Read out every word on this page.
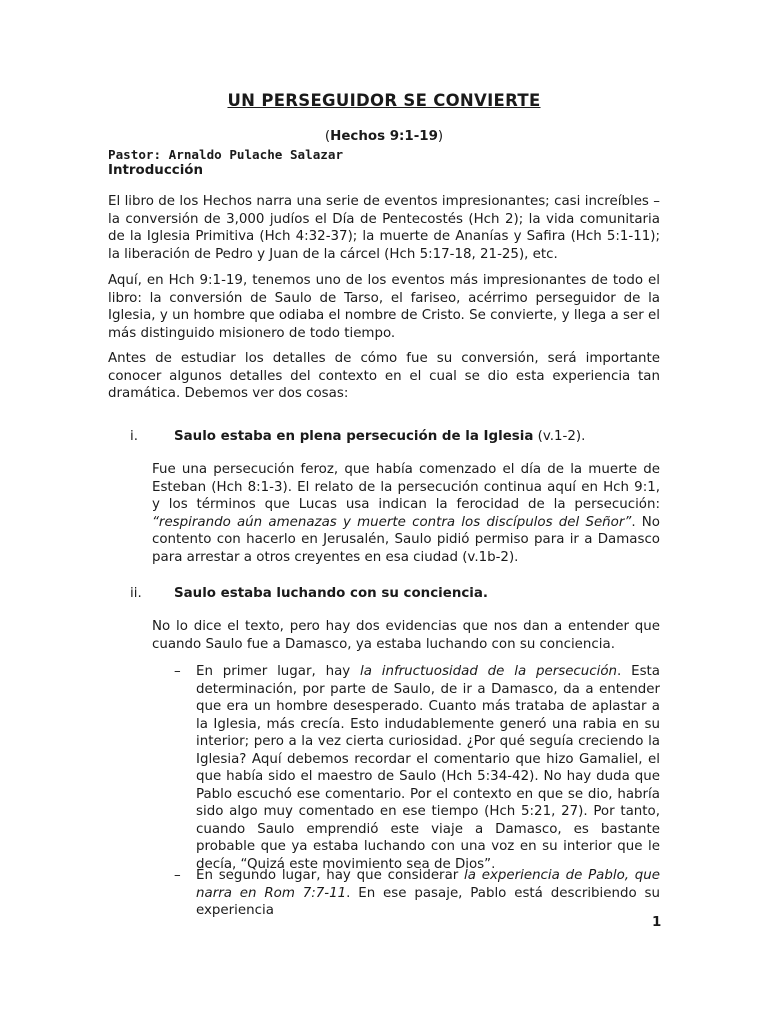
UN PERSEGUIDOR SE CONVIERTE
(Hechos 9:1-19)
Pastor: Arnaldo Pulache Salazar
Introducción

El libro de los Hechos narra una serie de eventos impresionantes; casi increíbles – la conversión de 3,000 judíos el Día de Pentecostés (Hch 2); la vida comunitaria de la Iglesia Primitiva (Hch 4:32-37); la muerte de Ananías y Safira (Hch 5:1-11); la liberación de Pedro y Juan de la cárcel (Hch 5:17-18, 21-25), etc.

Aquí, en Hch 9:1-19, tenemos uno de los eventos más impresionantes de todo el libro: la conversión de Saulo de Tarso, el fariseo, acérrimo perseguidor de la Iglesia, y un hombre que odiaba el nombre de Cristo. Se convierte, y llega a ser el más distinguido misionero de todo tiempo.

Antes de estudiar los detalles de cómo fue su conversión, será importante conocer algunos detalles del contexto en el cual se dio esta experiencia tan dramática. Debemos ver dos cosas:

i.	Saulo estaba en plena persecución de la Iglesia (v.1-2).

Fue una persecución feroz, que había comenzado el día de la muerte de Esteban (Hch 8:1-3). El relato de la persecución continua aquí en Hch 9:1, y los términos que Lucas usa indican la ferocidad de la persecución: “respirando aún amenazas y muerte contra los discípulos del Señor”. No contento con hacerlo en Jerusalén, Saulo pidió permiso para ir a Damasco para arrestar a otros creyentes en esa ciudad (v.1b-2).

ii. Saulo estaba luchando con su conciencia.

No lo dice el texto, pero hay dos evidencias que nos dan a entender que cuando Saulo fue a Damasco, ya estaba luchando con su conciencia.

– En primer lugar, hay la infructuosidad de la persecución. Esta determinación, por parte de Saulo, de ir a Damasco, da a entender que era un hombre desesperado. Cuanto más trataba de aplastar a la Iglesia, más crecía. Esto indudablemente generó una rabia en su interior; pero a la vez cierta curiosidad. ¿Por qué seguía creciendo la Iglesia? Aquí debemos recordar el comentario que hizo Gamaliel, el que había sido el maestro de Saulo (Hch 5:34-42). No hay duda que Pablo escuchó ese comentario. Por el contexto en que se dio, habría sido algo muy comentado en ese tiempo (Hch 5:21, 27). Por tanto, cuando Saulo emprendió este viaje a Damasco, es bastante probable que ya estaba luchando con una voz en su interior que le decía, “Quizá este movimiento sea de Dios”.

– En segundo lugar, hay que considerar la experiencia de Pablo, que narra en Rom 7:7-11. En ese pasaje, Pablo está describiendo su experiencia

1
